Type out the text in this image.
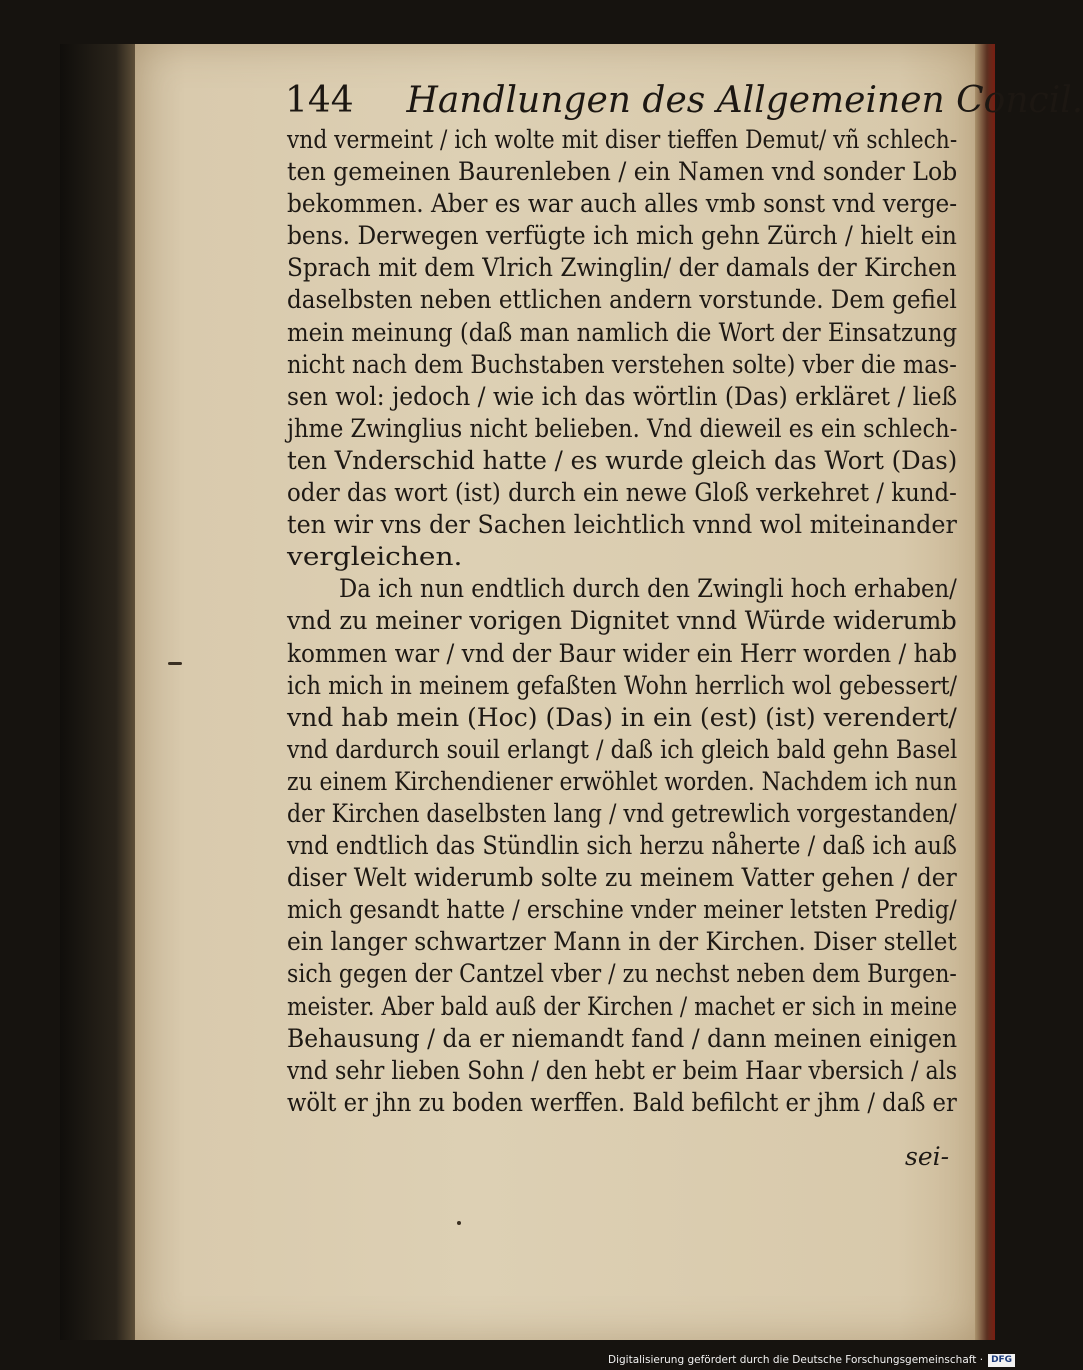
144 Handlungen des Allgemeinen Concil.
vnd vermeint / ich wolte mit diser tieffen Demut/ vñ schlech-
ten gemeinen Baurenleben / ein Namen vnd sonder Lob
bekommen. Aber es war auch alles vmb sonst vnd verge-
bens. Derwegen verfügte ich mich gehn Zürch / hielt ein
Sprach mit dem Vlrich Zwinglin/ der damals der Kirchen
daselbsten neben ettlichen andern vorstunde. Dem gefiel
mein meinung (daß man namlich die Wort der Einsatzung
nicht nach dem Buchstaben verstehen solte) vber die mas-
sen wol: jedoch / wie ich das wörtlin (Das) erkläret / ließ
jhme Zwinglius nicht belieben. Vnd dieweil es ein schlech-
ten Vnderschid hatte / es wurde gleich das Wort (Das)
oder das wort (ist) durch ein newe Gloß verkehret / kund-
ten wir vns der Sachen leichtlich vnnd wol miteinander
vergleichen.
Da ich nun endtlich durch den Zwingli hoch erhaben/
vnd zu meiner vorigen Dignitet vnnd Würde widerumb
kommen war / vnd der Baur wider ein Herr worden / hab
ich mich in meinem gefaßten Wohn herrlich wol gebessert/
vnd hab mein (Hoc) (Das) in ein (est) (ist) verendert/
vnd dardurch souil erlangt / daß ich gleich bald gehn Basel
zu einem Kirchendiener erwöhlet worden. Nachdem ich nun
der Kirchen daselbsten lang / vnd getrewlich vorgestanden/
vnd endtlich das Stündlin sich herzu nåherte / daß ich auß
diser Welt widerumb solte zu meinem Vatter gehen / der
mich gesandt hatte / erschine vnder meiner letsten Predig/
ein langer schwartzer Mann in der Kirchen. Diser stellet
sich gegen der Cantzel vber / zu nechst neben dem Burgen-
meister. Aber bald auß der Kirchen / machet er sich in meine
Behausung / da er niemandt fand / dann meinen einigen
vnd sehr lieben Sohn / den hebt er beim Haar vbersich / als
wölt er jhn zu boden werffen. Bald befilcht er jhm / daß er
sei-
Digitalisierung gefördert durch die Deutsche Forschungsgemeinschaft · DFG
